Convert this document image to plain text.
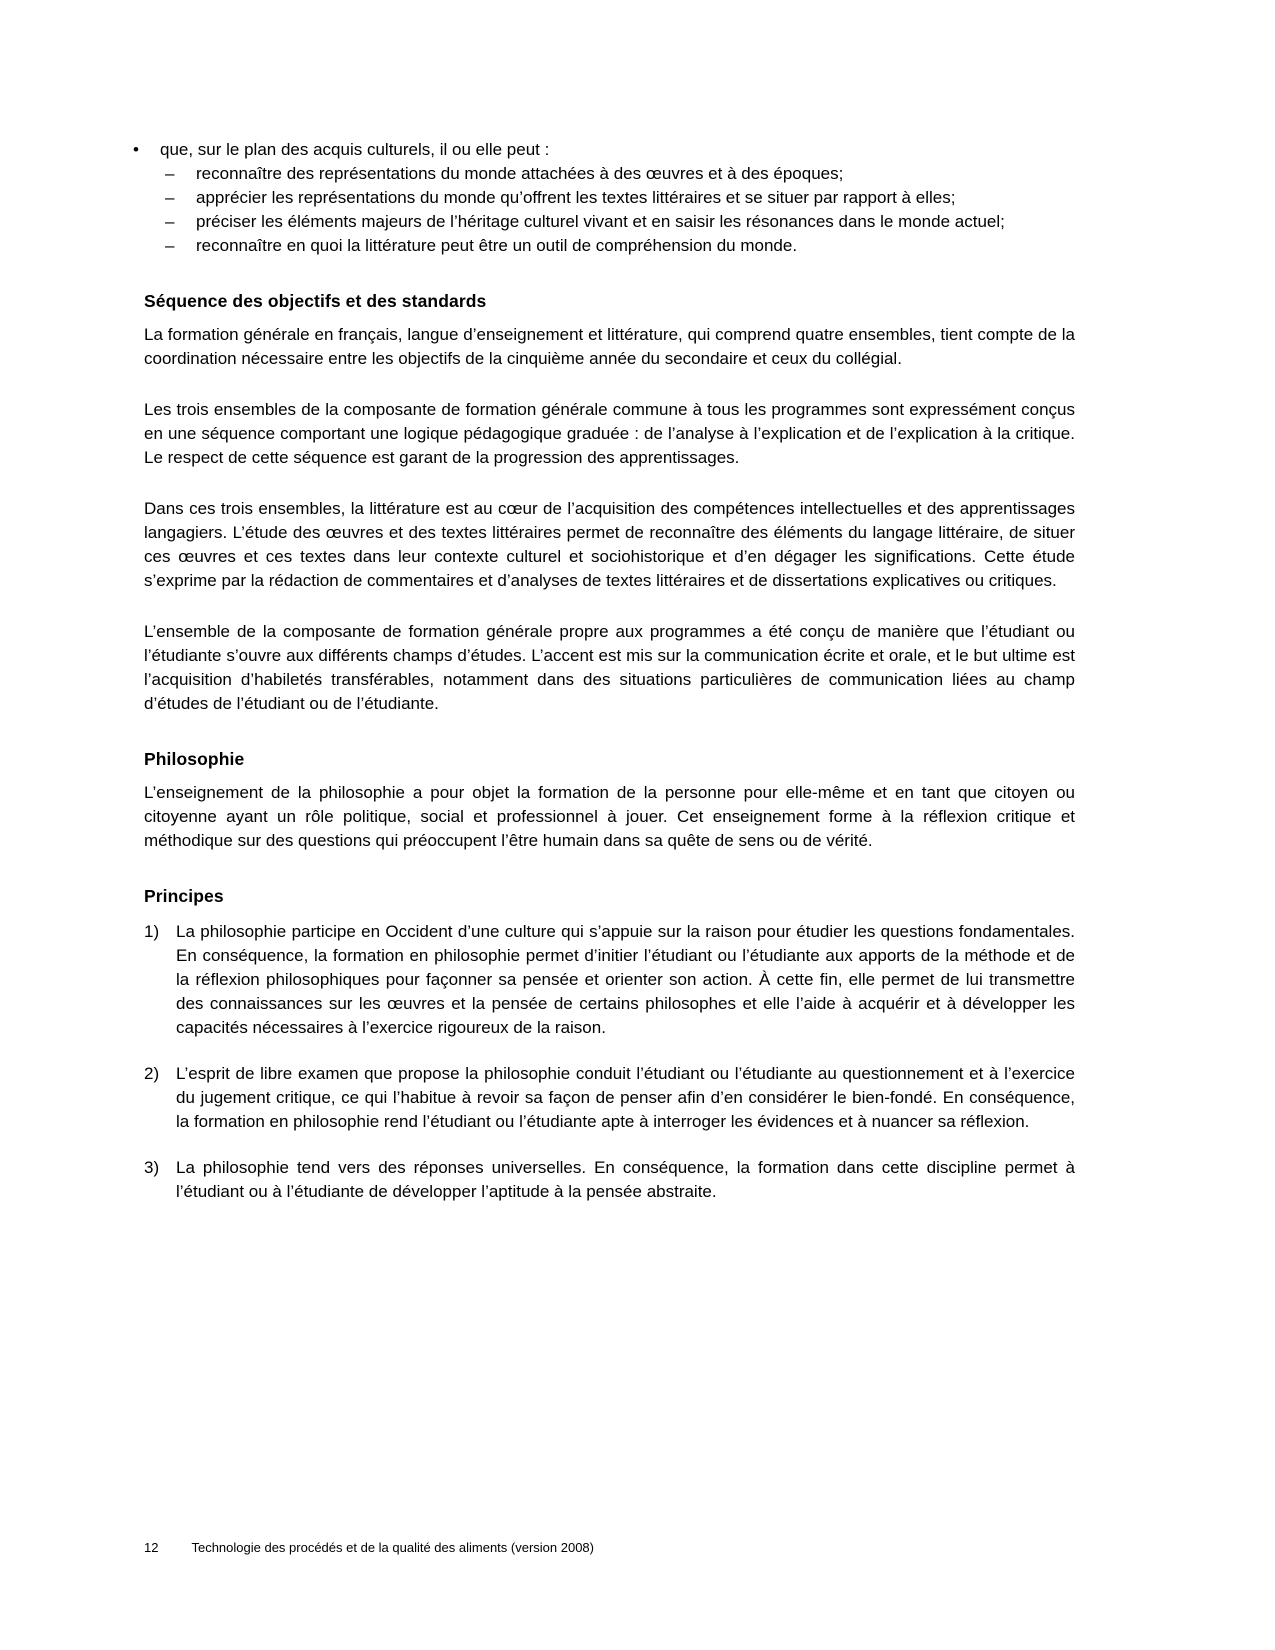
•	que, sur le plan des acquis culturels, il ou elle peut :
–	reconnaître des représentations du monde attachées à des œuvres et à des époques;
–	apprécier les représentations du monde qu’offrent les textes littéraires et se situer par rapport à elles;
–	préciser les éléments majeurs de l’héritage culturel vivant et en saisir les résonances dans le monde actuel;
–	reconnaître en quoi la littérature peut être un outil de compréhension du monde.
Séquence des objectifs et des standards

La formation générale en français, langue d’enseignement et littérature, qui comprend quatre ensembles, tient compte de la coordination nécessaire entre les objectifs de la cinquième année du secondaire et ceux du collégial.

Les trois ensembles de la composante de formation générale commune à tous les programmes sont expressément conçus en une séquence comportant une logique pédagogique graduée : de l’analyse à l’explication et de l’explication à la critique. Le respect de cette séquence est garant de la progression des apprentissages.

Dans ces trois ensembles, la littérature est au cœur de l’acquisition des compétences intellectuelles et des apprentissages langagiers. L’étude des œuvres et des textes littéraires permet de reconnaître des éléments du langage littéraire, de situer ces œuvres et ces textes dans leur contexte culturel et sociohistorique et d’en dégager les significations. Cette étude s’exprime par la rédaction de commentaires et d’analyses de textes littéraires et de dissertations explicatives ou critiques.

L’ensemble de la composante de formation générale propre aux programmes a été conçu de manière que l’étudiant ou l’étudiante s’ouvre aux différents champs d’études. L’accent est mis sur la communication écrite et orale, et le but ultime est l’acquisition d’habiletés transférables, notamment dans des situations particulières de communication liées au champ d’études de l’étudiant ou de l’étudiante.

Philosophie

L’enseignement de la philosophie a pour objet la formation de la personne pour elle-même et en tant que citoyen ou citoyenne ayant un rôle politique, social et professionnel à jouer. Cet enseignement forme à la réflexion critique et méthodique sur des questions qui préoccupent l’être humain dans sa quête de sens ou de vérité.

Principes
1) La philosophie participe en Occident d’une culture qui s’appuie sur la raison pour étudier les questions fondamentales. En conséquence, la formation en philosophie permet d’initier l’étudiant ou l’étudiante aux apports de la méthode et de la réflexion philosophiques pour façonner sa pensée et orienter son action. À cette fin, elle permet de lui transmettre des connaissances sur les œuvres et la pensée de certains philosophes et elle l’aide à acquérir et à développer les capacités nécessaires à l’exercice rigoureux de la raison.
2) L’esprit de libre examen que propose la philosophie conduit l’étudiant ou l’étudiante au questionnement et à l’exercice du jugement critique, ce qui l’habitue à revoir sa façon de penser afin d’en considérer le bien-fondé. En conséquence, la formation en philosophie rend l’étudiant ou l’étudiante apte à interroger les évidences et à nuancer sa réflexion.
3) La philosophie tend vers des réponses universelles. En conséquence, la formation dans cette discipline permet à l’étudiant ou à l’étudiante de développer l’aptitude à la pensée abstraite.
12	Technologie des procédés et de la qualité des aliments (version 2008)
